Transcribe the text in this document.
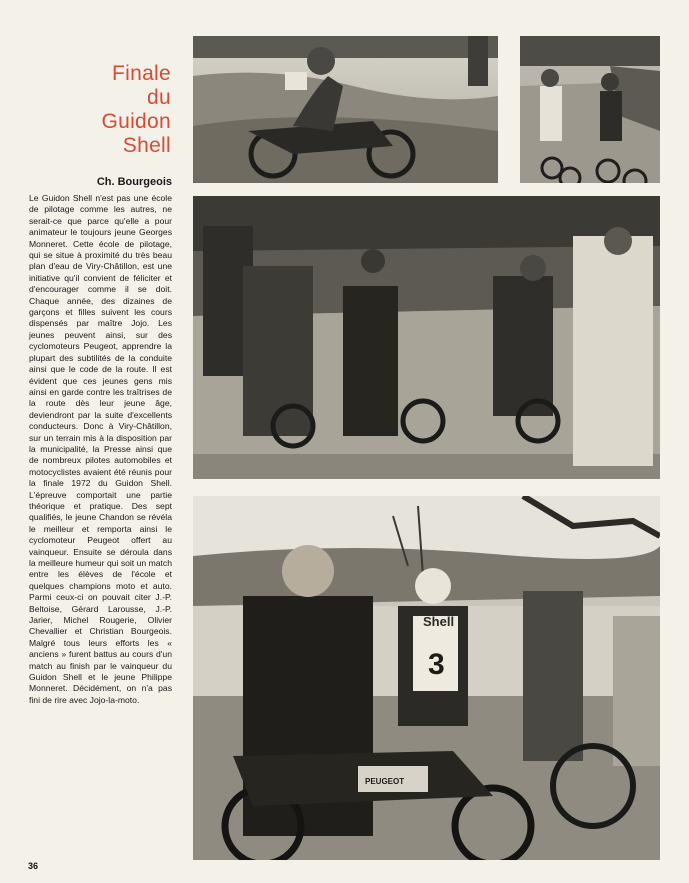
Finale
du
Guidon
Shell
Ch. Bourgeois

Le Guidon Shell n'est pas une école de pilotage comme les autres, ne serait-ce que parce qu'elle a pour animateur le toujours jeune Georges Monneret. Cette école de pilotage, qui se situe à proximité du très beau plan d'eau de Viry-Châtillon, est une initiative qu'il convient de féliciter et d'encourager comme il se doit. Chaque année, des dizaines de garçons et filles suivent les cours dispensés par maître Jojo. Les jeunes peuvent ainsi, sur des cyclomoteurs Peugeot, apprendre la plupart des subtilités de la conduite ainsi que le code de la route. Il est évident que ces jeunes gens mis ainsi en garde contre les traîtrises de la route dès leur jeune âge, deviendront par la suite d'excellents conducteurs. Donc à Viry-Châtillon, sur un terrain mis à la disposition par la municipalité, la Presse ainsi que de nombreux pilotes automobiles et motocyclistes avaient été réunis pour la finale 1972 du Guidon Shell. L'épreuve comportait une partie théorique et pratique. Des sept qualifiés, le jeune Chandon se révéla le meilleur et remporta ainsi le cyclomoteur Peugeot offert au vainqueur. Ensuite se déroula dans la meilleure humeur qui soit un match entre les élèves de l'école et quelques champions moto et auto. Parmi ceux-ci on pouvait citer J.-P. Beltoise, Gérard Larousse, J.-P. Jarier, Michel Rougerie, Olivier Chevallier et Christian Bourgeois. Malgré tous leurs efforts les « anciens » furent battus au cours d'un match au finish par le vainqueur du Guidon Shell et le jeune Philippe Monneret. Décidément, on n'a pas fini de rire avec Jojo-la-moto.

36
Shell
3
PEUGEOT
